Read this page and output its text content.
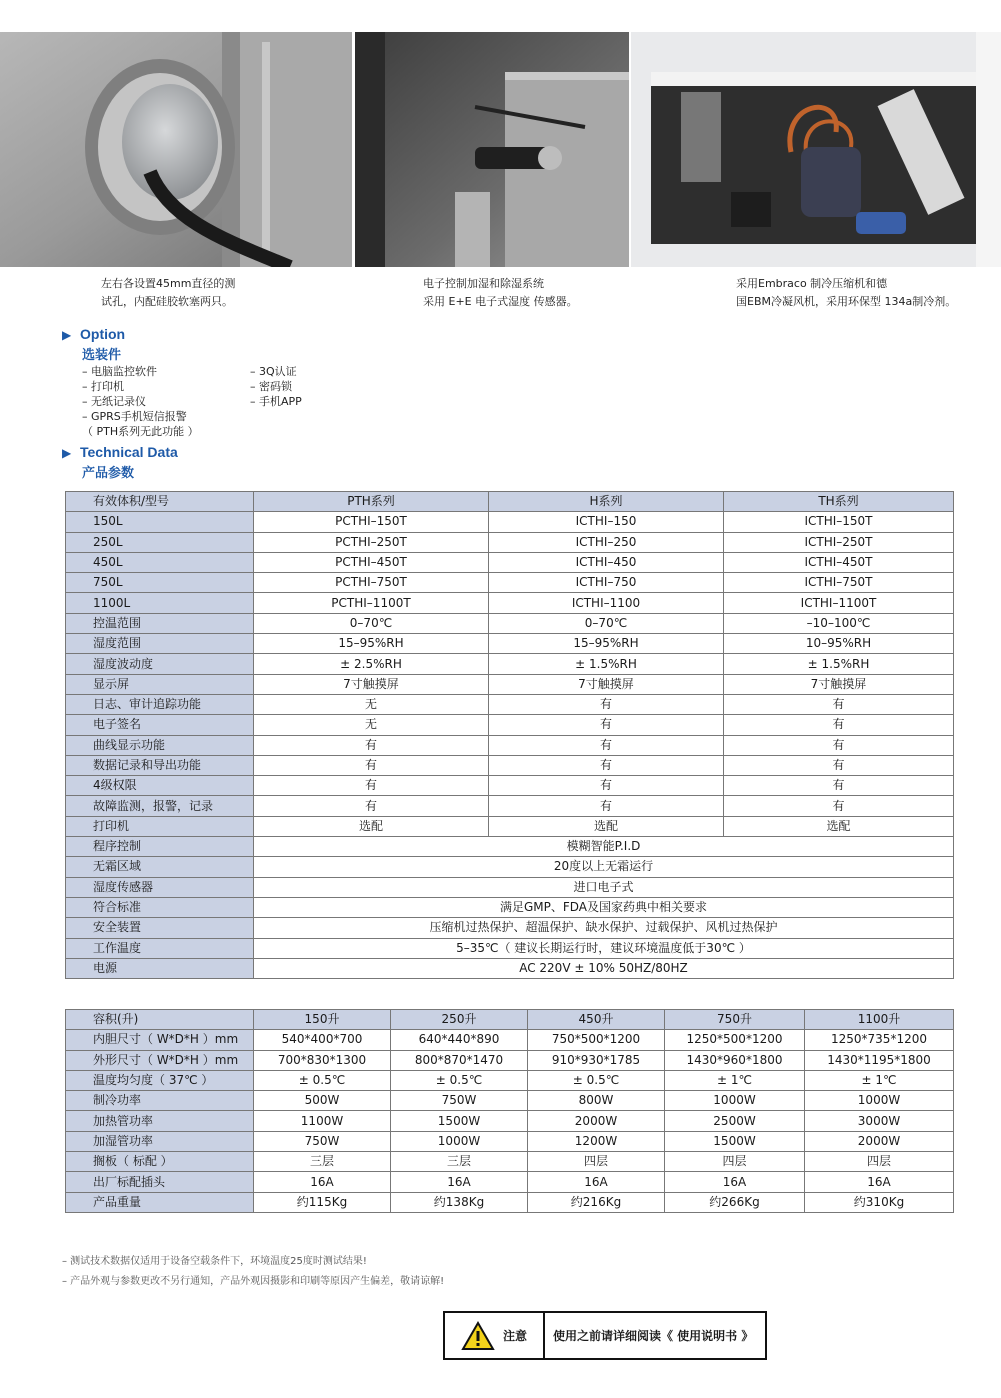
左右各设置45mm直径的测
试孔，内配硅胶软塞两只。
电子控制加湿和除湿系统
采用 E+E 电子式湿度 传感器。
采用Embraco 制冷压缩机和德
国EBM冷凝风机，采用环保型 134a制冷剂。
▶ Option
选装件
– 电脑监控软件
– 打印机
– 无纸记录仪
– GPRS手机短信报警
（ PTH系列无此功能 ）
– 3Q认证
– 密码锁
– 手机APP
▶ Technical Data
产品参数
有效体积/型号	PTH系列	H系列	TH系列
150L	PCTHI–150T	ICTHI–150	ICTHI–150T
250L	PCTHI–250T	ICTHI–250	ICTHI–250T
450L	PCTHI–450T	ICTHI–450	ICTHI–450T
750L	PCTHI–750T	ICTHI–750	ICTHI–750T
1100L	PCTHI–1100T	ICTHI–1100	ICTHI–1100T
控温范围	0–70℃	0–70℃	–10–100℃
湿度范围	15–95%RH	15–95%RH	10–95%RH
湿度波动度	± 2.5%RH	± 1.5%RH	± 1.5%RH
显示屏	7寸触摸屏	7寸触摸屏	7寸触摸屏
日志、审计追踪功能	无	有	有
电子签名	无	有	有
曲线显示功能	有	有	有
数据记录和导出功能	有	有	有
4级权限	有	有	有
故障监测，报警，记录	有	有	有
打印机	选配	选配	选配
程序控制	模糊智能P.I.D		
无霜区域	20度以上无霜运行		
湿度传感器	进口电子式		
符合标准	满足GMP、FDA及国家药典中相关要求		
安全装置	压缩机过热保护、超温保护、缺水保护、过载保护、风机过热保护		
工作温度	5–35℃（ 建议长期运行时，建议环境温度低于30℃ ）		
电源	AC 220V ± 10% 50HZ/80HZ		
容积(升)	150升	250升	450升	750升	1100升
内胆尺寸（ W*D*H ）mm	540*400*700	640*440*890	750*500*1200	1250*500*1200	1250*735*1200
外形尺寸（ W*D*H ）mm	700*830*1300	800*870*1470	910*930*1785	1430*960*1800	1430*1195*1800
温度均匀度（ 37℃ ）	± 0.5℃	± 0.5℃	± 0.5℃	± 1℃	± 1℃
制冷功率	500W	750W	800W	1000W	1000W
加热管功率	1100W	1500W	2000W	2500W	3000W
加湿管功率	750W	1000W	1200W	1500W	2000W
搁板（ 标配 ）	三层	三层	四层	四层	四层
出厂标配插头	16A	16A	16A	16A	16A
产品重量	约115Kg	约138Kg	约216Kg	约266Kg	约310Kg
– 测试技术数据仅适用于设备空载条件下，环境温度25度时测试结果!
– 产品外观与参数更改不另行通知，产品外观因摄影和印刷等原因产生偏差，敬请谅解!
注意	使用之前请详细阅读《 使用说明书 》
